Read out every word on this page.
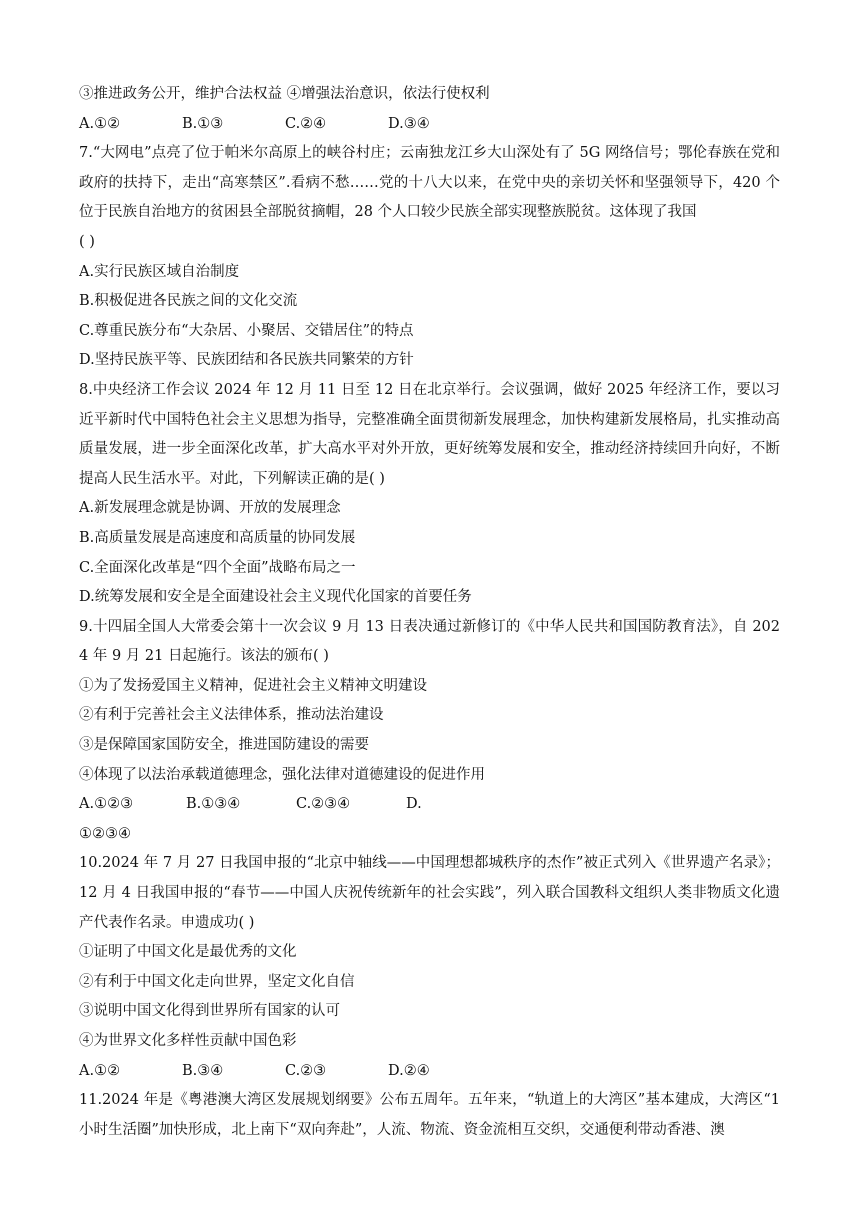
③推进政务公开，维护合法权益 ④增强法治意识，依法行使权利
A.①②	B.①③	C.②④	D.③④
7.“大网电”点亮了位于帕米尔高原上的峡谷村庄；云南独龙江乡大山深处有了 5G 网络信号；鄂伦春族在党和政府的扶持下，走出“高寒禁区”.看病不愁……党的十八大以来，在党中央的亲切关怀和坚强领导下，420 个位于民族自治地方的贫困县全部脱贫摘帽，28 个人口较少民族全部实现整族脱贫。这体现了我国
( )
A.实行民族区域自治制度
B.积极促进各民族之间的文化交流
C.尊重民族分布“大杂居、小聚居、交错居住”的特点
D.坚持民族平等、民族团结和各民族共同繁荣的方针
8.中央经济工作会议 2024 年 12 月 11 日至 12 日在北京举行。会议强调，做好 2025 年经济工作，要以习近平新时代中国特色社会主义思想为指导，完整准确全面贯彻新发展理念，加快构建新发展格局，扎实推动高质量发展，进一步全面深化改革，扩大高水平对外开放，更好统筹发展和安全，推动经济持续回升向好，不断提高人民生活水平。对此，下列解读正确的是( )
A.新发展理念就是协调、开放的发展理念
B.高质量发展是高速度和高质量的协同发展
C.全面深化改革是“四个全面”战略布局之一
D.统筹发展和安全是全面建设社会主义现代化国家的首要任务
9.十四届全国人大常委会第十一次会议 9 月 13 日表决通过新修订的《中华人民共和国国防教育法》，自 2024 年 9 月 21 日起施行。该法的颁布( )
①为了发扬爱国主义精神，促进社会主义精神文明建设
②有利于完善社会主义法律体系，推动法治建设
③是保障国家国防安全，推进国防建设的需要
④体现了以法治承载道德理念，强化法律对道德建设的促进作用
A.①②③	B.①③④	C.②③④	D.
①②③④
10.2024 年 7 月 27 日我国申报的“北京中轴线——中国理想都城秩序的杰作”被正式列入《世界遗产名录》；12 月 4 日我国申报的“春节——中国人庆祝传统新年的社会实践”，列入联合国教科文组织人类非物质文化遗产代表作名录。申遗成功( )
①证明了中国文化是最优秀的文化
②有利于中国文化走向世界，坚定文化自信
③说明中国文化得到世界所有国家的认可
④为世界文化多样性贡献中国色彩
A.①②	B.③④	C.②③	D.②④
11.2024 年是《粤港澳大湾区发展规划纲要》公布五周年。五年来，“轨道上的大湾区”基本建成，大湾区“1 小时生活圈”加快形成，北上南下“双向奔赴”，人流、物流、资金流相互交织，交通便利带动香港、澳
